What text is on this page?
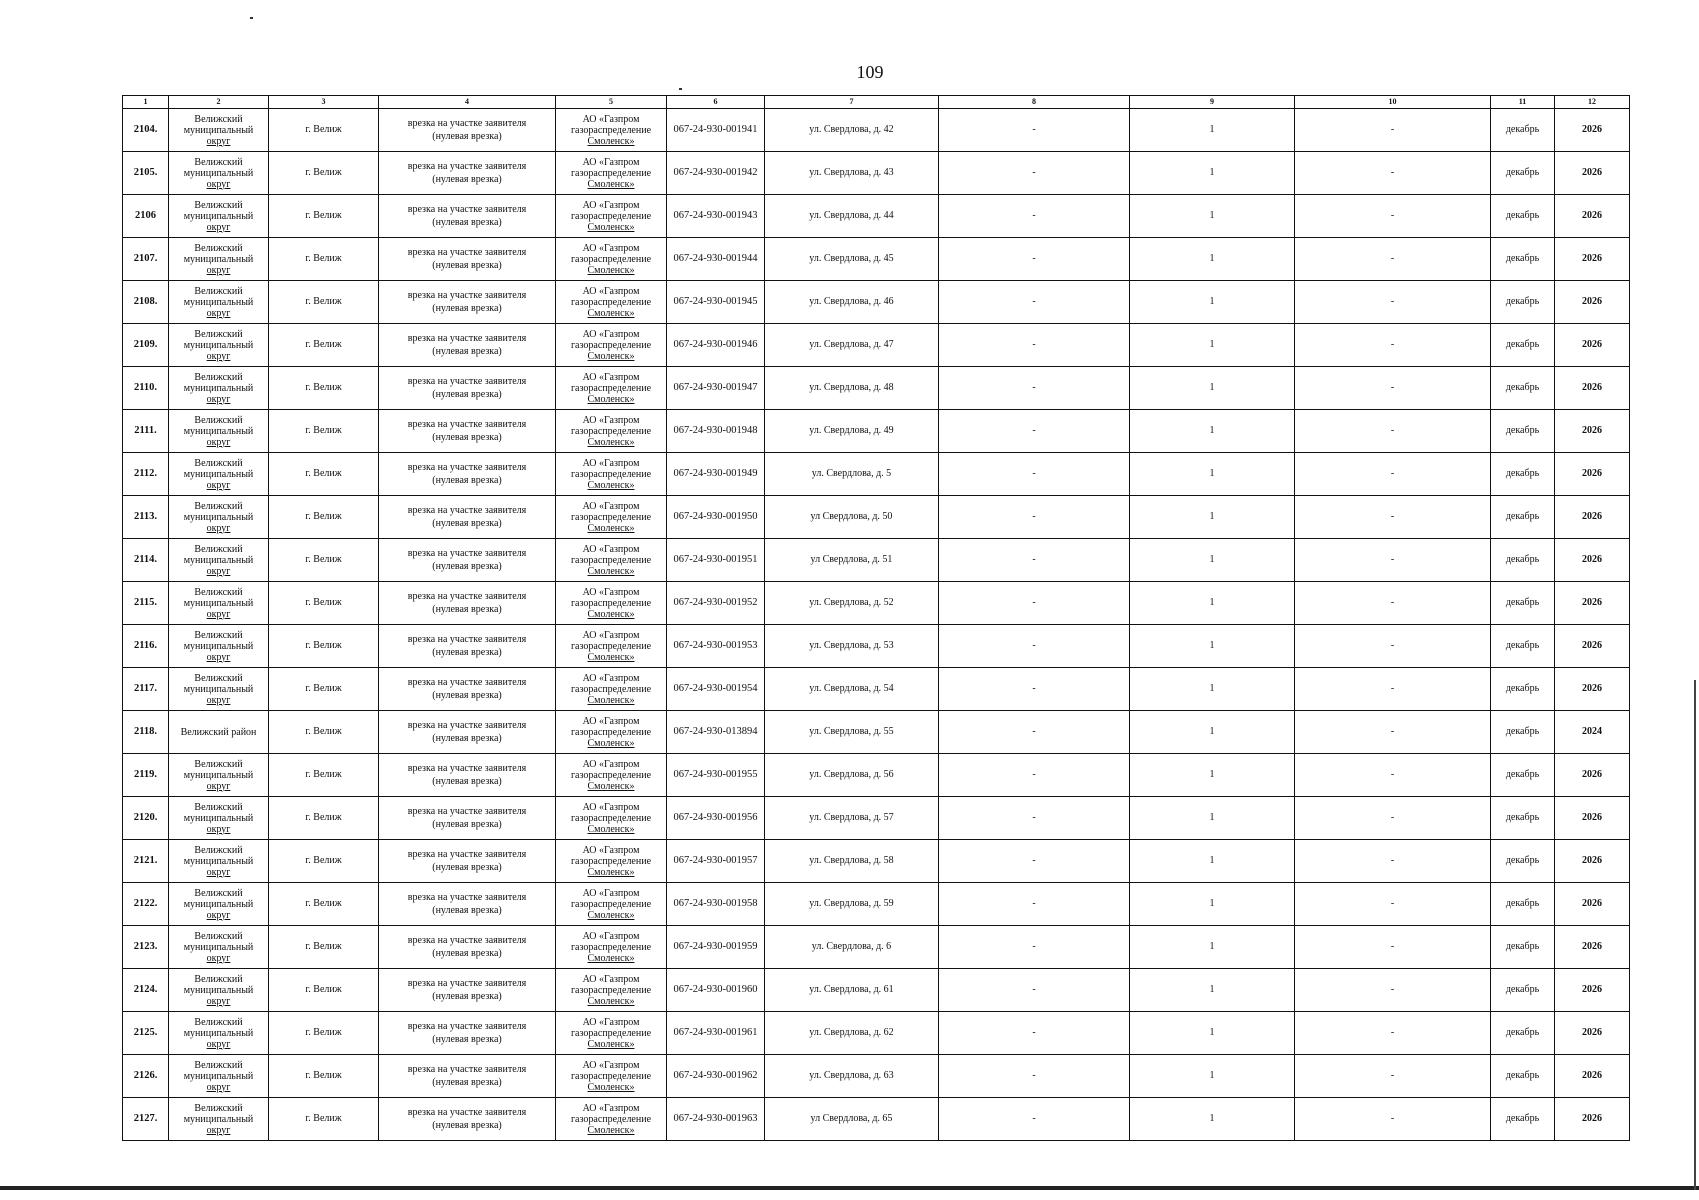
109
1	2	3	4	5	6	7	8	9	10	11	12
2104.	Велижский
муниципальный
округ	г. Велиж	врезка на участке заявителя
(нулевая врезка)	АО «Газпром
газораспределение
Смоленск»	067-24-930-001941	ул. Свердлова, д. 42	-	1	-	декабрь	2026
2105.	Велижский
муниципальный
округ	г. Велиж	врезка на участке заявителя
(нулевая врезка)	АО «Газпром
газораспределение
Смоленск»	067-24-930-001942	ул. Свердлова, д. 43	-	1	-	декабрь	2026
2106	Велижский
муниципальный
округ	г. Велиж	врезка на участке заявителя
(нулевая врезка)	АО «Газпром
газораспределение
Смоленск»	067-24-930-001943	ул. Свердлова, д. 44	-	1	-	декабрь	2026
2107.	Велижский
муниципальный
округ	г. Велиж	врезка на участке заявителя
(нулевая врезка)	АО «Газпром
газораспределение
Смоленск»	067-24-930-001944	ул. Свердлова, д. 45	-	1	-	декабрь	2026
2108.	Велижский
муниципальный
округ	г. Велиж	врезка на участке заявителя
(нулевая врезка)	АО «Газпром
газораспределение
Смоленск»	067-24-930-001945	ул. Свердлова, д. 46	-	1	-	декабрь	2026
2109.	Велижский
муниципальный
округ	г. Велиж	врезка на участке заявителя
(нулевая врезка)	АО «Газпром
газораспределение
Смоленск»	067-24-930-001946	ул. Свердлова, д. 47	-	1	-	декабрь	2026
2110.	Велижский
муниципальный
округ	г. Велиж	врезка на участке заявителя
(нулевая врезка)	АО «Газпром
газораспределение
Смоленск»	067-24-930-001947	ул. Свердлова, д. 48	-	1	-	декабрь	2026
2111.	Велижский
муниципальный
округ	г. Велиж	врезка на участке заявителя
(нулевая врезка)	АО «Газпром
газораспределение
Смоленск»	067-24-930-001948	ул. Свердлова, д. 49	-	1	-	декабрь	2026
2112.	Велижский
муниципальный
округ	г. Велиж	врезка на участке заявителя
(нулевая врезка)	АО «Газпром
газораспределение
Смоленск»	067-24-930-001949	ул. Свердлова, д. 5	-	1	-	декабрь	2026
2113.	Велижский
муниципальный
округ	г. Велиж	врезка на участке заявителя
(нулевая врезка)	АО «Газпром
газораспределение
Смоленск»	067-24-930-001950	ул Свердлова, д. 50	-	1	-	декабрь	2026
2114.	Велижский
муниципальный
округ	г. Велиж	врезка на участке заявителя
(нулевая врезка)	АО «Газпром
газораспределение
Смоленск»	067-24-930-001951	ул Свердлова, д. 51	-	1	-	декабрь	2026
2115.	Велижский
муниципальный
округ	г. Велиж	врезка на участке заявителя
(нулевая врезка)	АО «Газпром
газораспределение
Смоленск»	067-24-930-001952	ул. Свердлова, д. 52	-	1	-	декабрь	2026
2116.	Велижский
муниципальный
округ	г. Велиж	врезка на участке заявителя
(нулевая врезка)	АО «Газпром
газораспределение
Смоленск»	067-24-930-001953	ул. Свердлова, д. 53	-	1	-	декабрь	2026
2117.	Велижский
муниципальный
округ	г. Велиж	врезка на участке заявителя
(нулевая врезка)	АО «Газпром
газораспределение
Смоленск»	067-24-930-001954	ул. Свердлова, д. 54	-	1	-	декабрь	2026
2118.	Велижский район	г. Велиж	врезка на участке заявителя
(нулевая врезка)	АО «Газпром
газораспределение
Смоленск»	067-24-930-013894	ул. Свердлова, д. 55	-	1	-	декабрь	2024
2119.	Велижский
муниципальный
округ	г. Велиж	врезка на участке заявителя
(нулевая врезка)	АО «Газпром
газораспределение
Смоленск»	067-24-930-001955	ул. Свердлова, д. 56	-	1	-	декабрь	2026
2120.	Велижский
муниципальный
округ	г. Велиж	врезка на участке заявителя
(нулевая врезка)	АО «Газпром
газораспределение
Смоленск»	067-24-930-001956	ул. Свердлова, д. 57	-	1	-	декабрь	2026
2121.	Велижский
муниципальный
округ	г. Велиж	врезка на участке заявителя
(нулевая врезка)	АО «Газпром
газораспределение
Смоленск»	067-24-930-001957	ул. Свердлова, д. 58	-	1	-	декабрь	2026
2122.	Велижский
муниципальный
округ	г. Велиж	врезка на участке заявителя
(нулевая врезка)	АО «Газпром
газораспределение
Смоленск»	067-24-930-001958	ул. Свердлова, д. 59	-	1	-	декабрь	2026
2123.	Велижский
муниципальный
округ	г. Велиж	врезка на участке заявителя
(нулевая врезка)	АО «Газпром
газораспределение
Смоленск»	067-24-930-001959	ул. Свердлова, д. 6	-	1	-	декабрь	2026
2124.	Велижский
муниципальный
округ	г. Велиж	врезка на участке заявителя
(нулевая врезка)	АО «Газпром
газораспределение
Смоленск»	067-24-930-001960	ул. Свердлова, д. 61	-	1	-	декабрь	2026
2125.	Велижский
муниципальный
округ	г. Велиж	врезка на участке заявителя
(нулевая врезка)	АО «Газпром
газораспределение
Смоленск»	067-24-930-001961	ул. Свердлова, д. 62	-	1	-	декабрь	2026
2126.	Велижский
муниципальный
округ	г. Велиж	врезка на участке заявителя
(нулевая врезка)	АО «Газпром
газораспределение
Смоленск»	067-24-930-001962	ул. Свердлова, д. 63	-	1	-	декабрь	2026
2127.	Велижский
муниципальный
округ	г. Велиж	врезка на участке заявителя
(нулевая врезка)	АО «Газпром
газораспределение
Смоленск»	067-24-930-001963	ул Свердлова, д. 65	-	1	-	декабрь	2026
